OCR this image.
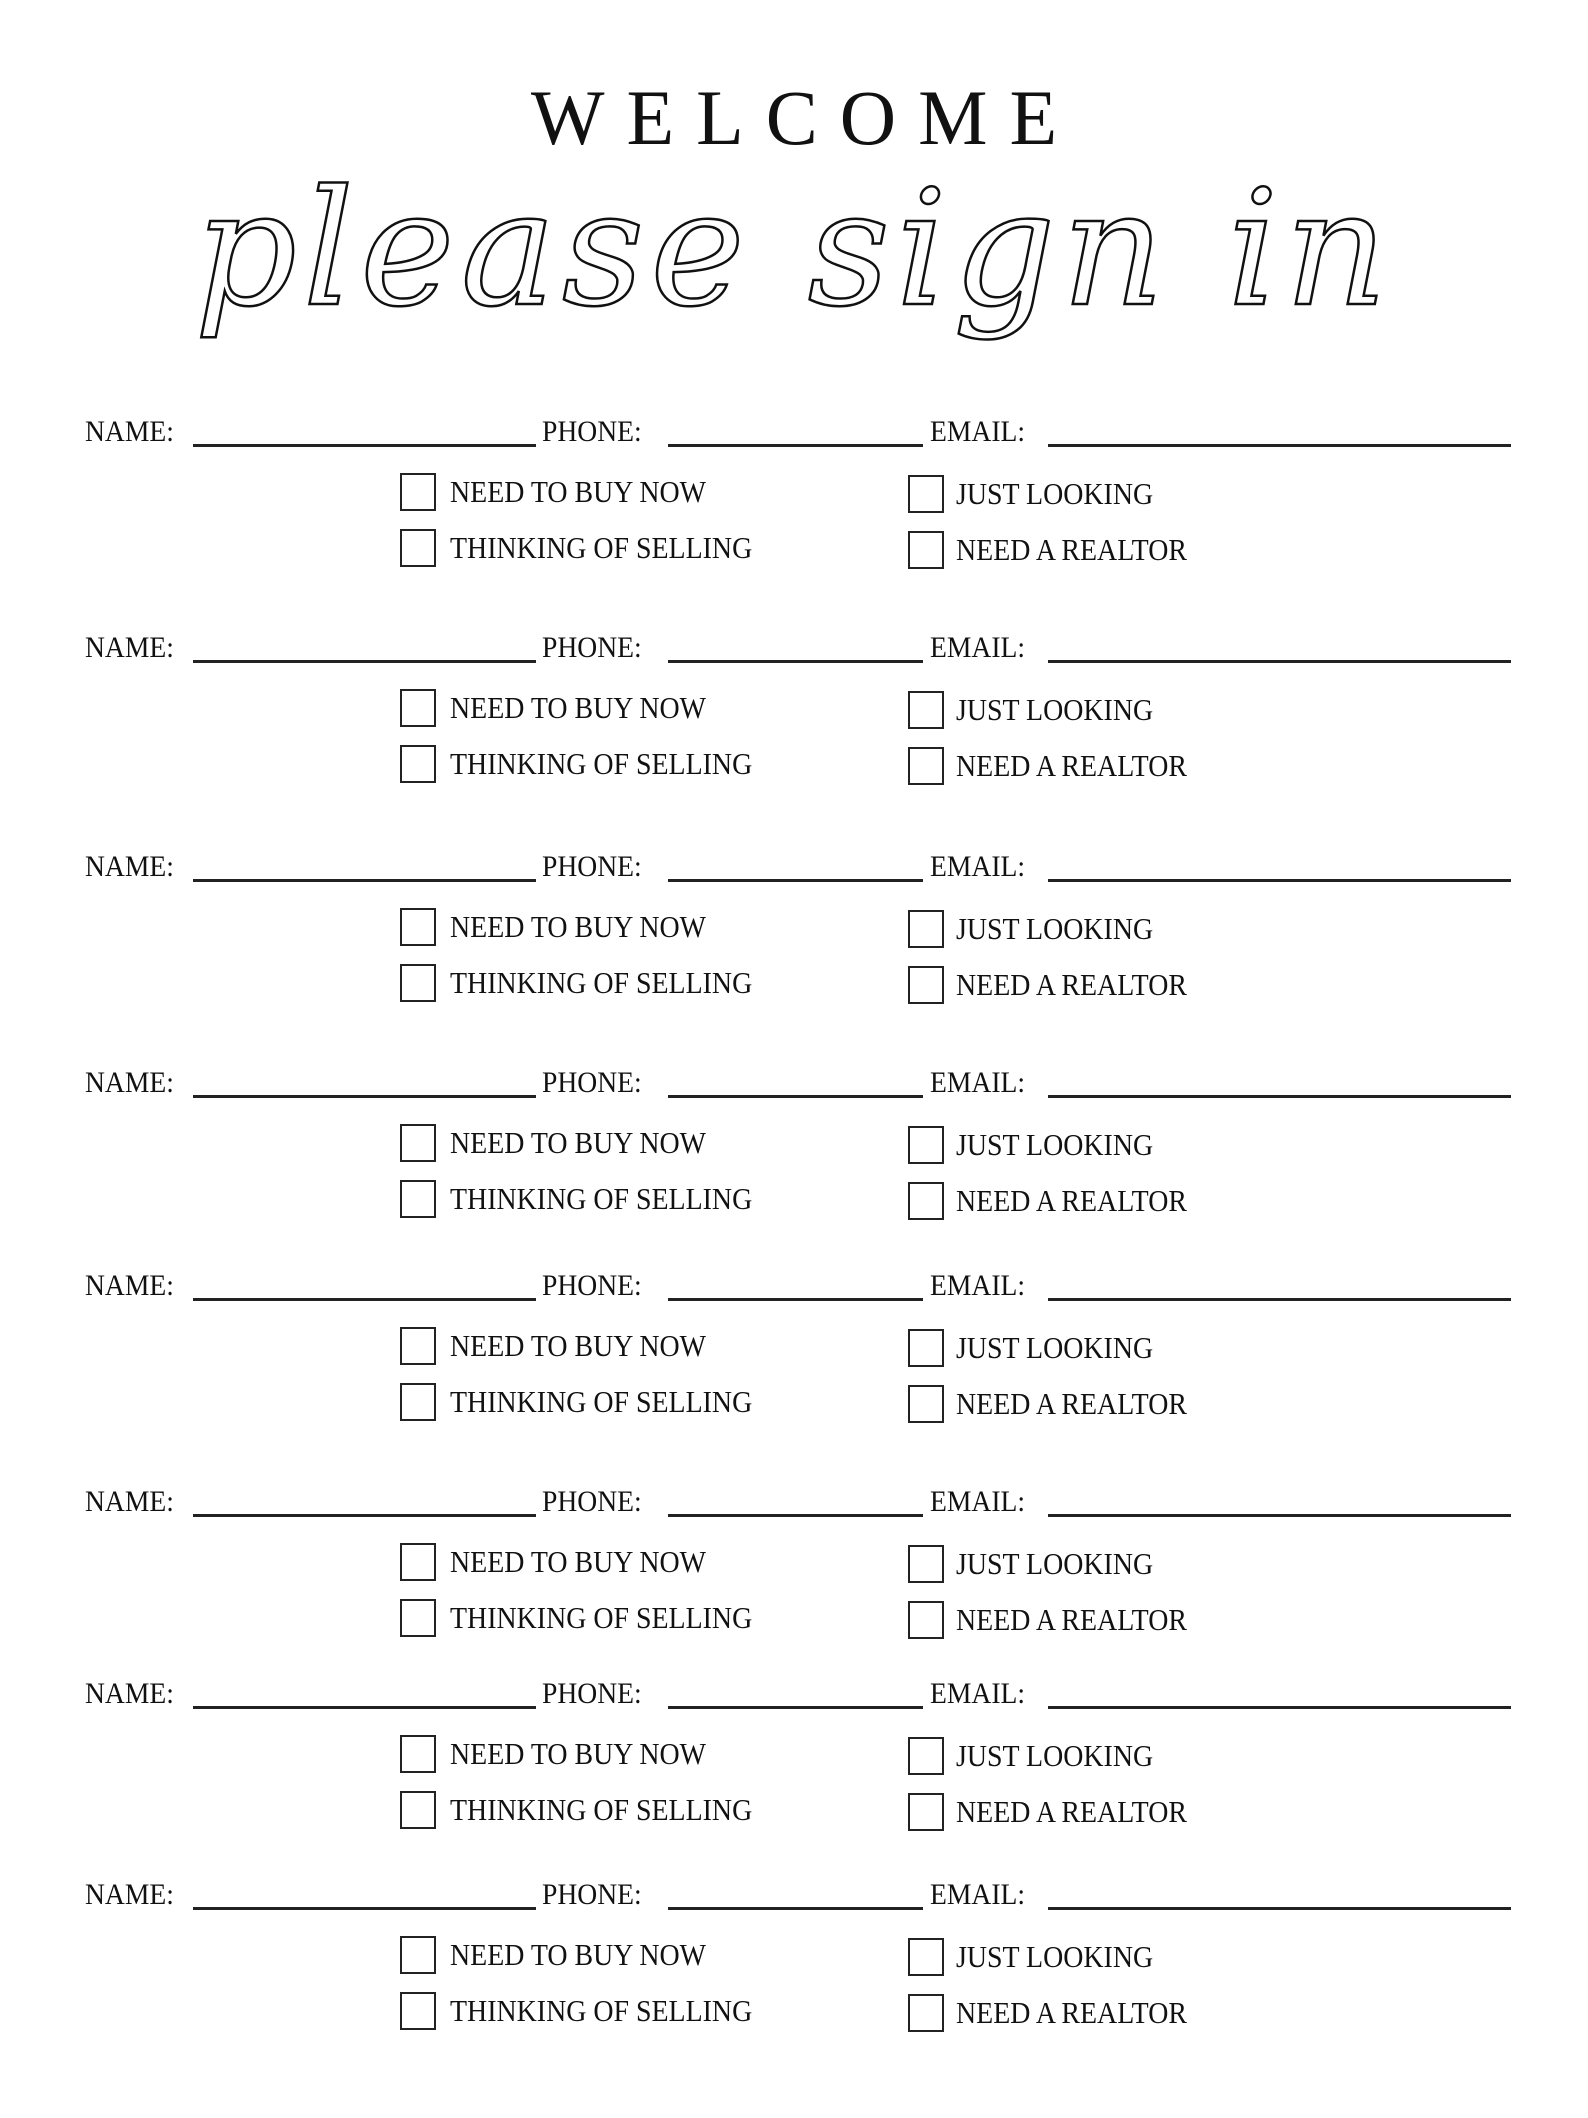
WELCOME
please sign in
NAME:	PHONE:	EMAIL:
NEED TO BUY NOW	JUST LOOKING
THINKING OF SELLING	NEED A REALTOR
NAME:	PHONE:	EMAIL:
NEED TO BUY NOW	JUST LOOKING
THINKING OF SELLING	NEED A REALTOR
NAME:	PHONE:	EMAIL:
NEED TO BUY NOW	JUST LOOKING
THINKING OF SELLING	NEED A REALTOR
NAME:	PHONE:	EMAIL:
NEED TO BUY NOW	JUST LOOKING
THINKING OF SELLING	NEED A REALTOR
NAME:	PHONE:	EMAIL:
NEED TO BUY NOW	JUST LOOKING
THINKING OF SELLING	NEED A REALTOR
NAME:	PHONE:	EMAIL:
NEED TO BUY NOW	JUST LOOKING
THINKING OF SELLING	NEED A REALTOR
NAME:	PHONE:	EMAIL:
NEED TO BUY NOW	JUST LOOKING
THINKING OF SELLING	NEED A REALTOR
NAME:	PHONE:	EMAIL:
NEED TO BUY NOW	JUST LOOKING
THINKING OF SELLING	NEED A REALTOR
